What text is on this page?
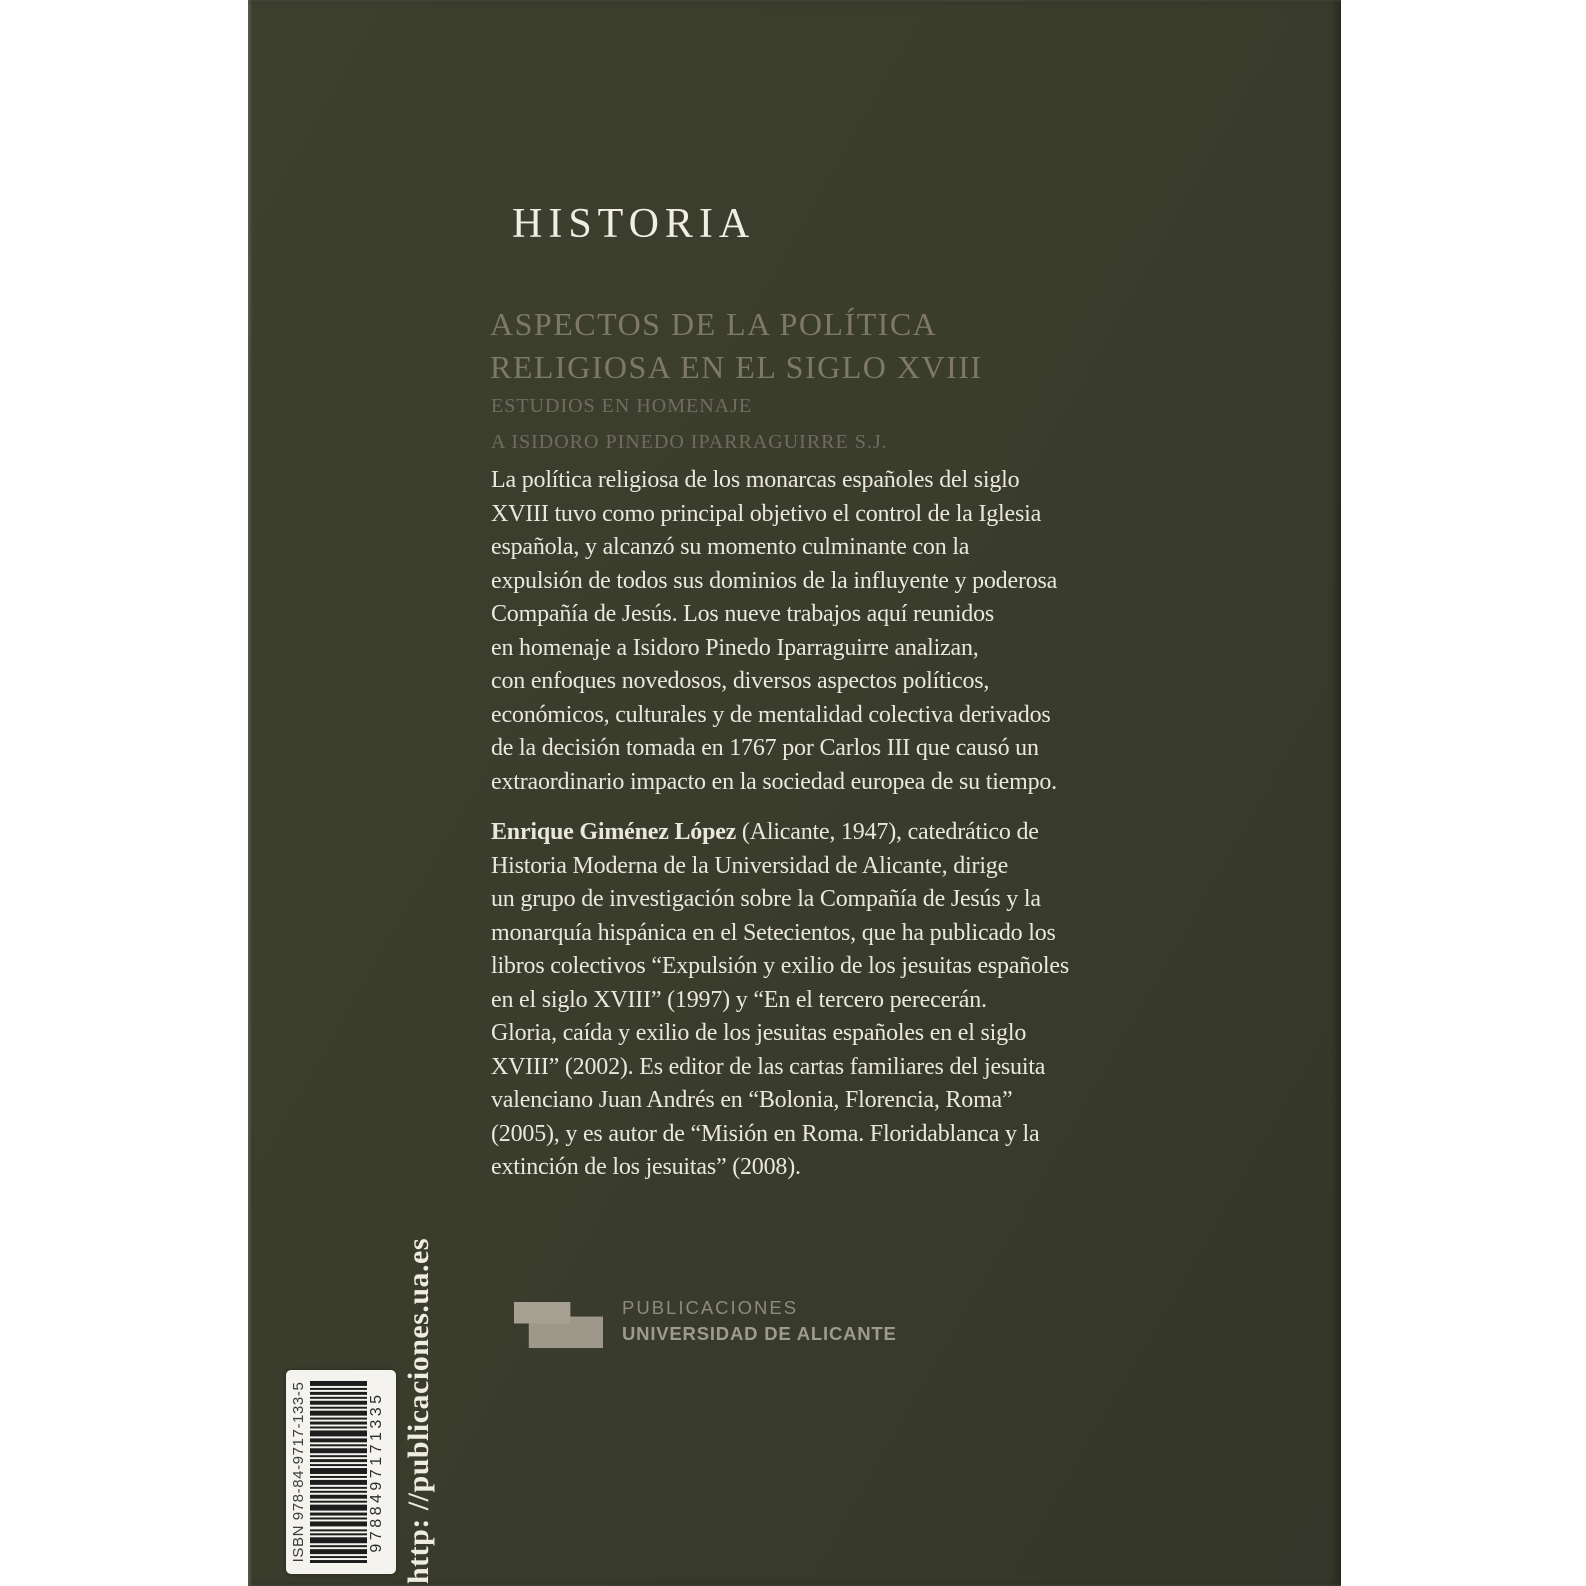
HISTORIA
ASPECTOS DE LA POLÍTICA
RELIGIOSA EN EL SIGLO XVIII
ESTUDIOS EN HOMENAJE
A ISIDORO PINEDO IPARRAGUIRRE S.J.
La política religiosa de los monarcas españoles del siglo
XVIII tuvo como principal objetivo el control de la Iglesia
española, y alcanzó su momento culminante con la
expulsión de todos sus dominios de la influyente y poderosa
Compañía de Jesús. Los nueve trabajos aquí reunidos
en homenaje a Isidoro Pinedo Iparraguirre analizan,
con enfoques novedosos, diversos aspectos políticos,
económicos, culturales y de mentalidad colectiva derivados
de la decisión tomada en 1767 por Carlos III que causó un
extraordinario impacto en la sociedad europea de su tiempo.
Enrique Giménez López (Alicante, 1947), catedrático de
Historia Moderna de la Universidad de Alicante, dirige
un grupo de investigación sobre la Compañía de Jesús y la
monarquía hispánica en el Setecientos, que ha publicado los
libros colectivos “Expulsión y exilio de los jesuitas españoles
en el siglo XVIII” (1997) y “En el tercero perecerán.
Gloria, caída y exilio de los jesuitas españoles en el siglo
XVIII” (2002). Es editor de las cartas familiares del jesuita
valenciano Juan Andrés en “Bolonia, Florencia, Roma”
(2005), y es autor de “Misión en Roma. Floridablanca y la
extinción de los jesuitas” (2008).
PUBLICACIONES
UNIVERSIDAD DE ALICANTE
ISBN 978-84-9717-133-5	9788497171335 http: //publicaciones.ua.es
